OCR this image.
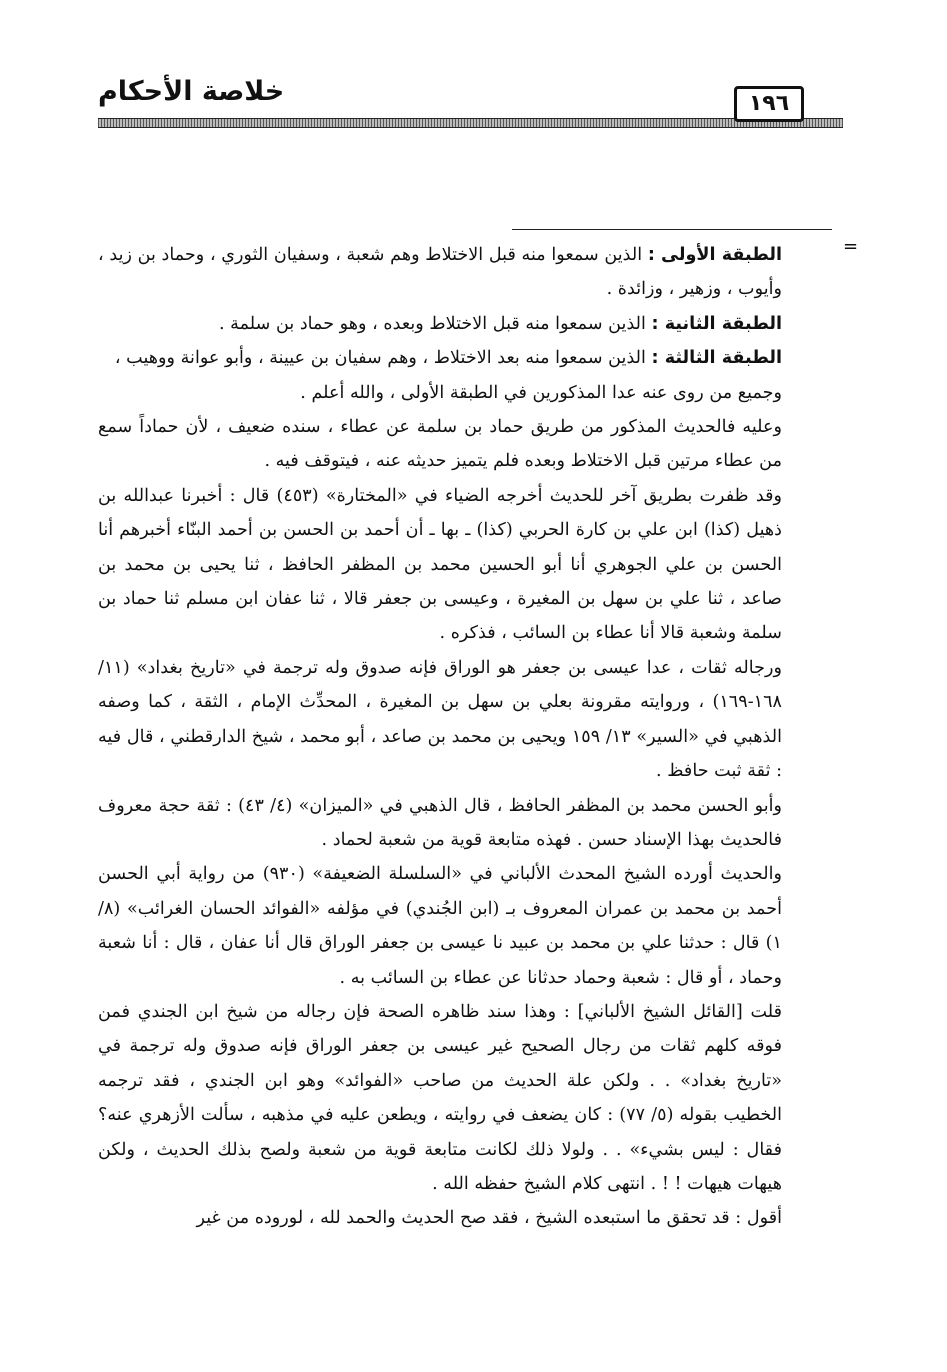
خلاصة الأحكام	١٩٦
=

الطبقة الأولى : الذين سمعوا منه قبل الاختلاط وهم شعبة ، وسفيان الثوري ، وحماد بن زيد ، وأيوب ، وزهير ، وزائدة .

الطبقة الثانية : الذين سمعوا منه قبل الاختلاط وبعده ، وهو حماد بن سلمة .

الطبقة الثالثة : الذين سمعوا منه بعد الاختلاط ، وهم سفيان بن عيينة ، وأبو عوانة ووهيب ،

وجميع من روى عنه عدا المذكورين في الطبقة الأولى ، والله أعلم .

وعليه فالحديث المذكور من طريق حماد بن سلمة عن عطاء ، سنده ضعيف ، لأن حماداً سمع من عطاء مرتين قبل الاختلاط وبعده فلم يتميز حديثه عنه ، فيتوقف فيه .

وقد ظفرت بطريق آخر للحديث أخرجه الضياء في «المختارة» (٤٥٣) قال : أخبرنا عبدالله بن ذهيل (كذا) ابن علي بن كارة الحربي (كذا) ـ بها ـ أن أحمد بن الحسن بن أحمد البنّاء أخبرهم أنا الحسن بن علي الجوهري أنا أبو الحسين محمد بن المظفر الحافظ ، ثنا يحيى بن محمد بن صاعد ، ثنا علي بن سهل بن المغيرة ، وعيسى بن جعفر قالا ، ثنا عفان ابن مسلم ثنا حماد بن سلمة وشعبة قالا أنا عطاء بن السائب ، فذكره .

ورجاله ثقات ، عدا عيسى بن جعفر هو الوراق فإنه صدوق وله ترجمة في «تاريخ بغداد» (١١/ ١٦٨-١٦٩) ، وروايته مقرونة بعلي بن سهل بن المغيرة ، المحدِّث الإمام ، الثقة ، كما وصفه الذهبي في «السير» ١٣/ ١٥٩ ويحيى بن محمد بن صاعد ، أبو محمد ، شيخ الدارقطني ، قال فيه : ثقة ثبت حافظ .

وأبو الحسن محمد بن المظفر الحافظ ، قال الذهبي في «الميزان» (٤/ ٤٣) : ثقة حجة معروف فالحديث بهذا الإسناد حسن . فهذه متابعة قوية من شعبة لحماد .

والحديث أورده الشيخ المحدث الألباني في «السلسلة الضعيفة» (٩٣٠) من رواية أبي الحسن أحمد بن محمد بن عمران المعروف بـ (ابن الجُندي) في مؤلفه «الفوائد الحسان الغرائب» (٨/ ١) قال : حدثنا علي بن محمد بن عبيد نا عيسى بن جعفر الوراق قال أنا عفان ، قال : أنا شعبة وحماد ، أو قال : شعبة وحماد حدثانا عن عطاء بن السائب به .

قلت [القائل الشيخ الألباني] : وهذا سند ظاهره الصحة فإن رجاله من شيخ ابن الجندي فمن فوقه كلهم ثقات من رجال الصحيح غير عيسى بن جعفر الوراق فإنه صدوق وله ترجمة في «تاريخ بغداد» . . ولكن علة الحديث من صاحب «الفوائد» وهو ابن الجندي ، فقد ترجمه الخطيب بقوله (٥/ ٧٧) : كان يضعف في روايته ، ويطعن عليه في مذهبه ، سألت الأزهري عنه؟ فقال : ليس بشيء» . . ولولا ذلك لكانت متابعة قوية من شعبة ولصح بذلك الحديث ، ولكن هيهات هيهات ! ! . انتهى كلام الشيخ حفظه الله .

أقول : قد تحقق ما استبعده الشيخ ، فقد صح الحديث والحمد لله ، لوروده من غير
